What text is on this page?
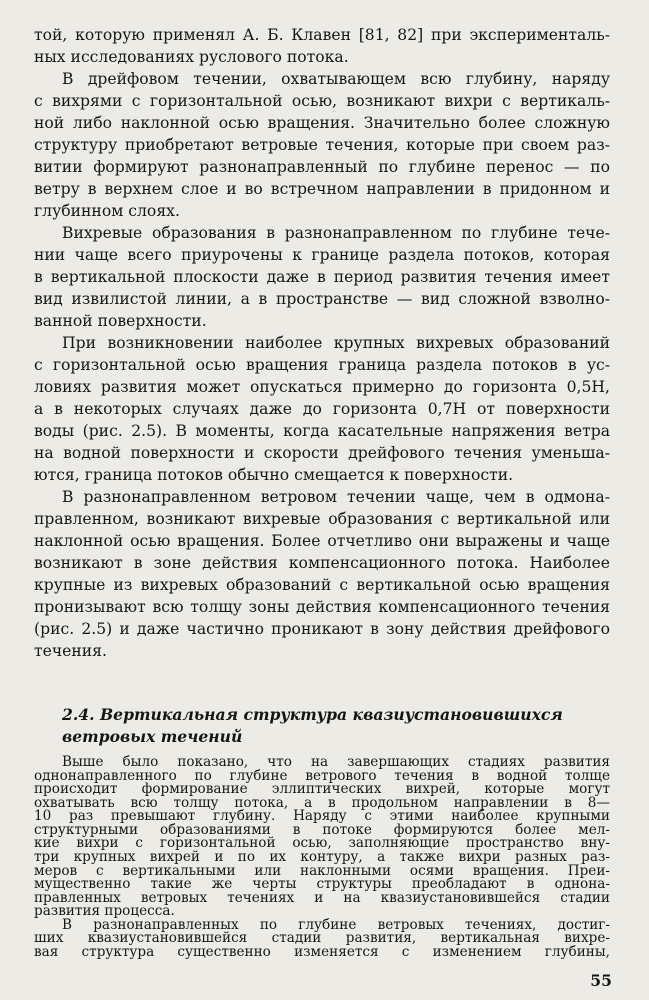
той, которую применял А. Б. Клавен [81, 82] при эксперименталь-
ных исследованиях руслового потока.
В дрейфовом течении, охватывающем всю глубину, наряду
с вихрями с горизонтальной осью, возникают вихри с вертикаль-
ной либо наклонной осью вращения. Значительно более сложную
структуру приобретают ветровые течения, которые при своем раз-
витии формируют разнонаправленный по глубине перенос — по
ветру в верхнем слое и во встречном направлении в придонном и
глубинном слоях.
Вихревые образования в разнонаправленном по глубине тече-
нии чаще всего приурочены к границе раздела потоков, которая
в вертикальной плоскости даже в период развития течения имеет
вид извилистой линии, а в пространстве — вид сложной взволно-
ванной поверхности.
При возникновении наиболее крупных вихревых образований
с горизонтальной осью вращения граница раздела потоков в ус-
ловиях развития может опускаться примерно до горизонта 0,5H,
а в некоторых случаях даже до горизонта 0,7H от поверхности
воды (рис. 2.5). В моменты, когда касательные напряжения ветра
на водной поверхности и скорости дрейфового течения уменьша-
ются, граница потоков обычно смещается к поверхности.
В разнонаправленном ветровом течении чаще, чем в одмона-
правленном, возникают вихревые образования с вертикальной или
наклонной осью вращения. Более отчетливо они выражены и чаще
возникают в зоне действия компенсационного потока. Наиболее
крупные из вихревых образований с вертикальной осью вращения
пронизывают всю толщу зоны действия компенсационного течения
(рис. 2.5) и даже частично проникают в зону действия дрейфового
течения.
2.4. Вертикальная структура квазиустановившихся
ветровых течений
55
Выше было показано, что на завершающих стадиях развития
однонаправленного по глубине ветрового течения в водной толще
происходит формирование эллиптических вихрей, которые могут
охватывать всю толщу потока, а в продольном направлении в 8—
10 раз превышают глубину. Наряду с этими наиболее крупными
структурными образованиями в потоке формируются более мел-
кие вихри с горизонтальной осью, заполняющие пространство вну-
три крупных вихрей и по их контуру, а также вихри разных раз-
меров с вертикальными или наклонными осями вращения. Преи-
мущественно такие же черты структуры преобладают в однона-
правленных ветровых течениях и на квазиустановившейся стадии
развития процесса.
В разнонаправленных по глубине ветровых течениях, достиг-
ших квазиустановившейся стадии развития, вертикальная вихре-
вая структура существенно изменяется с изменением глубины,
